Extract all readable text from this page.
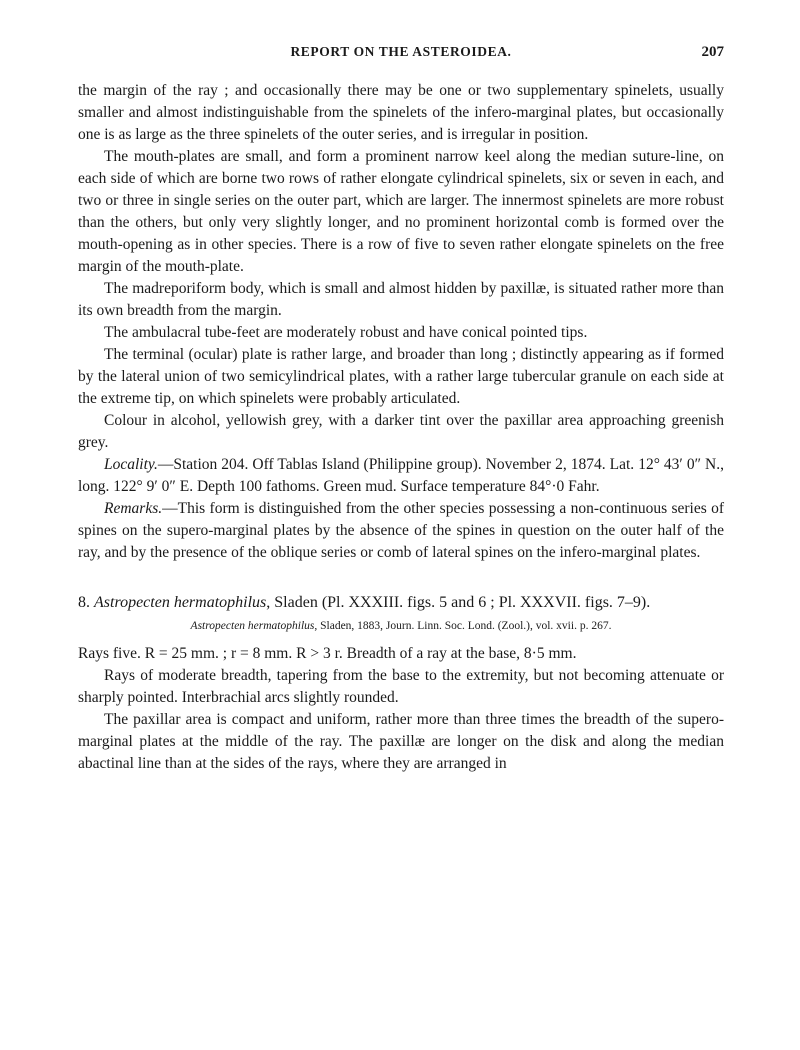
REPORT ON THE ASTEROIDEA.	207

the margin of the ray ; and occasionally there may be one or two supplementary spinelets, usually smaller and almost indistinguishable from the spinelets of the infero-marginal plates, but occasionally one is as large as the three spinelets of the outer series, and is irregular in position.

The mouth-plates are small, and form a prominent narrow keel along the median suture-line, on each side of which are borne two rows of rather elongate cylindrical spinelets, six or seven in each, and two or three in single series on the outer part, which are larger. The innermost spinelets are more robust than the others, but only very slightly longer, and no prominent horizontal comb is formed over the mouth-opening as in other species. There is a row of five to seven rather elongate spinelets on the free margin of the mouth-plate.

The madreporiform body, which is small and almost hidden by paxillæ, is situated rather more than its own breadth from the margin.

The ambulacral tube-feet are moderately robust and have conical pointed tips.

The terminal (ocular) plate is rather large, and broader than long ; distinctly appearing as if formed by the lateral union of two semicylindrical plates, with a rather large tubercular granule on each side at the extreme tip, on which spinelets were probably articulated.

Colour in alcohol, yellowish grey, with a darker tint over the paxillar area approaching greenish grey.

Locality.—Station 204. Off Tablas Island (Philippine group). November 2, 1874. Lat. 12° 43′ 0″ N., long. 122° 9′ 0″ E. Depth 100 fathoms. Green mud. Surface temperature 84°·0 Fahr.

Remarks.—This form is distinguished from the other species possessing a non-continuous series of spines on the supero-marginal plates by the absence of the spines in question on the outer half of the ray, and by the presence of the oblique series or comb of lateral spines on the infero-marginal plates.

8. Astropecten hermatophilus, Sladen (Pl. XXXIII. figs. 5 and 6 ; Pl. XXXVII. figs. 7–9).

Astropecten hermatophilus, Sladen, 1883, Journ. Linn. Soc. Lond. (Zool.), vol. xvii. p. 267.

Rays five. R = 25 mm. ; r = 8 mm. R > 3 r. Breadth of a ray at the base, 8·5 mm.

Rays of moderate breadth, tapering from the base to the extremity, but not becoming attenuate or sharply pointed. Interbrachial arcs slightly rounded.

The paxillar area is compact and uniform, rather more than three times the breadth of the supero-marginal plates at the middle of the ray. The paxillæ are longer on the disk and along the median abactinal line than at the sides of the rays, where they are arranged in
